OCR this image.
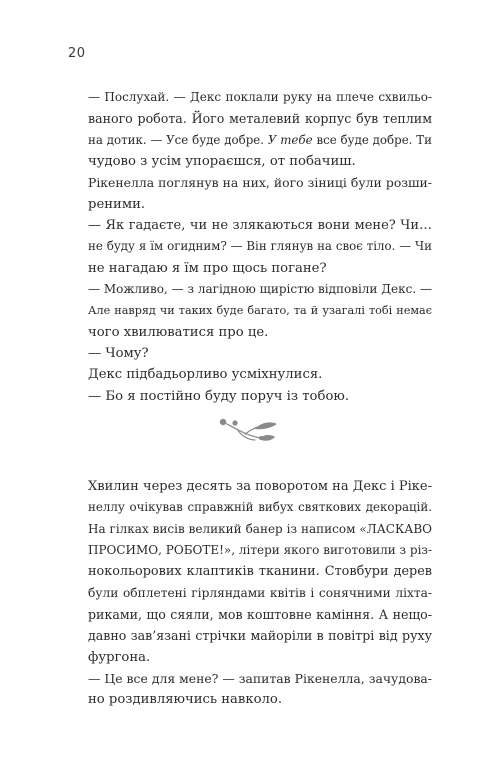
20
— Послухай. — Декс поклали руку на плече схвильо-
ваного робота. Його металевий корпус був теплим
на дотик. — Усе буде добре. У тебе все буде добре. Ти
чудово з усім упораєшся, от побачиш.
Рікенелла поглянув на них, його зіниці були розши-
реними.
— Як гадаєте, чи не злякаються вони мене? Чи…
не буду я їм огидним? — Він глянув на своє тіло. — Чи
не нагадаю я їм про щось погане?
— Можливо, — з лагідною щирістю відповіли Декс. —
Але навряд чи таких буде багато, та й узагалі тобі немає
чого хвилюватися про це.
— Чому?
Декс підбадьорливо усміхнулися.
— Бо я постійно буду поруч із тобою.
Хвилин через десять за поворотом на Декс і Ріке-
неллу очікував справжній вибух святкових декорацій.
На гілках висів великий банер із написом «ЛАСКАВО
ПРОСИМО, РОБОТЕ!», літери якого виготовили з різ-
нокольорових клаптиків тканини. Стовбури дерев
були обплетені гірляндами квітів і сонячними ліхта-
риками, що сяяли, мов коштовне каміння. А нещо-
давно зав’язані стрічки майоріли в повітрі від руху
фургона.
— Це все для мене? — запитав Рікенелла, зачудова-
но роздивляючись навколо.
